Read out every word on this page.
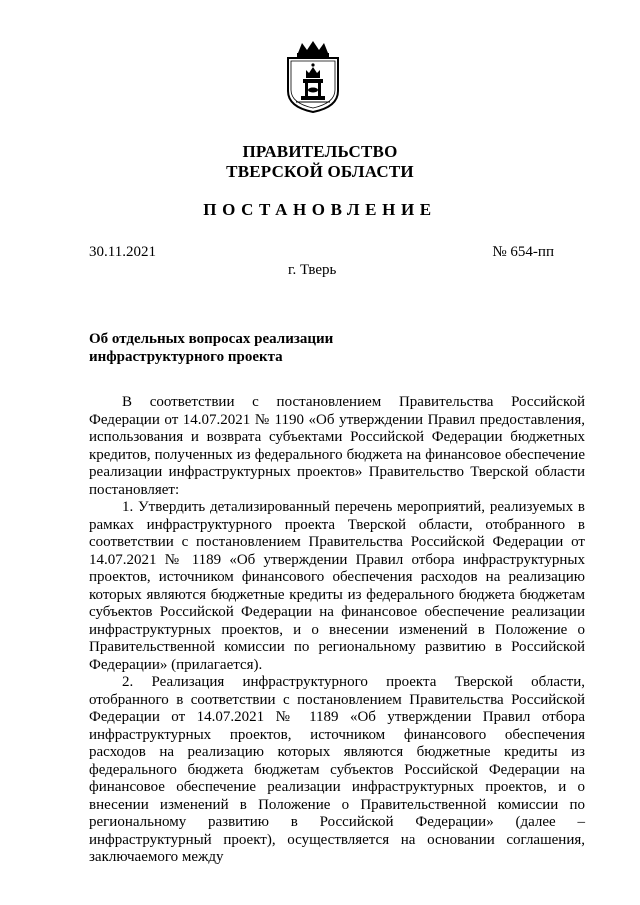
ПРАВИТЕЛЬСТВО
ТВЕРСКОЙ ОБЛАСТИ
ПОСТАНОВЛЕНИЕ
30.11.2021	№ 654-пп
г. Тверь
Об отдельных вопросах реализации
инфраструктурного проекта

В соответствии с постановлением Правительства Российской Федерации от 14.07.2021 № 1190 «Об утверждении Правил предоставления, использования и возврата субъектами Российской Федерации бюджетных кредитов, полученных из федерального бюджета на финансовое обеспечение реализации инфраструктурных проектов» Правительство Тверской области постановляет:

1. Утвердить детализированный перечень мероприятий, реализуемых в рамках инфраструктурного проекта Тверской области, отобранного в соответствии с постановлением Правительства Российской Федерации от 14.07.2021 № 1189 «Об утверждении Правил отбора инфраструктурных проектов, источником финансового обеспечения расходов на реализацию которых являются бюджетные кредиты из федерального бюджета бюджетам субъектов Российской Федерации на финансовое обеспечение реализации инфраструктурных проектов, и о внесении изменений в Положение о Правительственной комиссии по региональному развитию в Российской Федерации» (прилагается).

2. Реализация инфраструктурного проекта Тверской области, отобранного в соответствии с постановлением Правительства Российской Федерации от 14.07.2021 № 1189 «Об утверждении Правил отбора инфраструктурных проектов, источником финансового обеспечения расходов на реализацию которых являются бюджетные кредиты из федерального бюджета бюджетам субъектов Российской Федерации на финансовое обеспечение реализации инфраструктурных проектов, и о внесении изменений в Положение о Правительственной комиссии по региональному развитию в Российской Федерации» (далее – инфраструктурный проект), осуществляется на основании соглашения, заключаемого между
